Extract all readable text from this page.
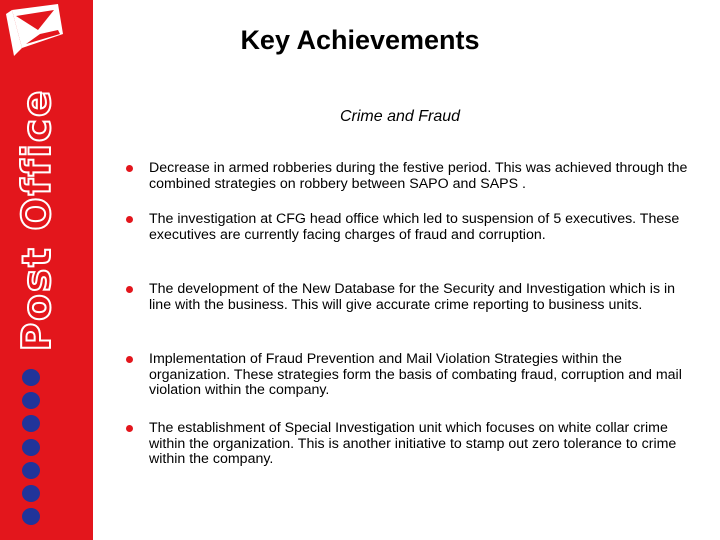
Post Office
Key Achievements
Crime and Fraud
Decrease in armed robberies during the festive period. This was achieved through the combined strategies on robbery between SAPO and SAPS .
The investigation at CFG head office which led to suspension of 5 executives. These executives are currently facing charges of fraud and corruption.
The development of the New Database for the Security and Investigation which is in line with the business. This will give accurate crime reporting to business units.
Implementation of Fraud Prevention and Mail Violation Strategies within the organization. These strategies form the basis of combating fraud, corruption and mail violation within the company.
The establishment of Special Investigation unit which focuses on white collar crime within the organization. This is another initiative to stamp out zero tolerance to crime within the company.
